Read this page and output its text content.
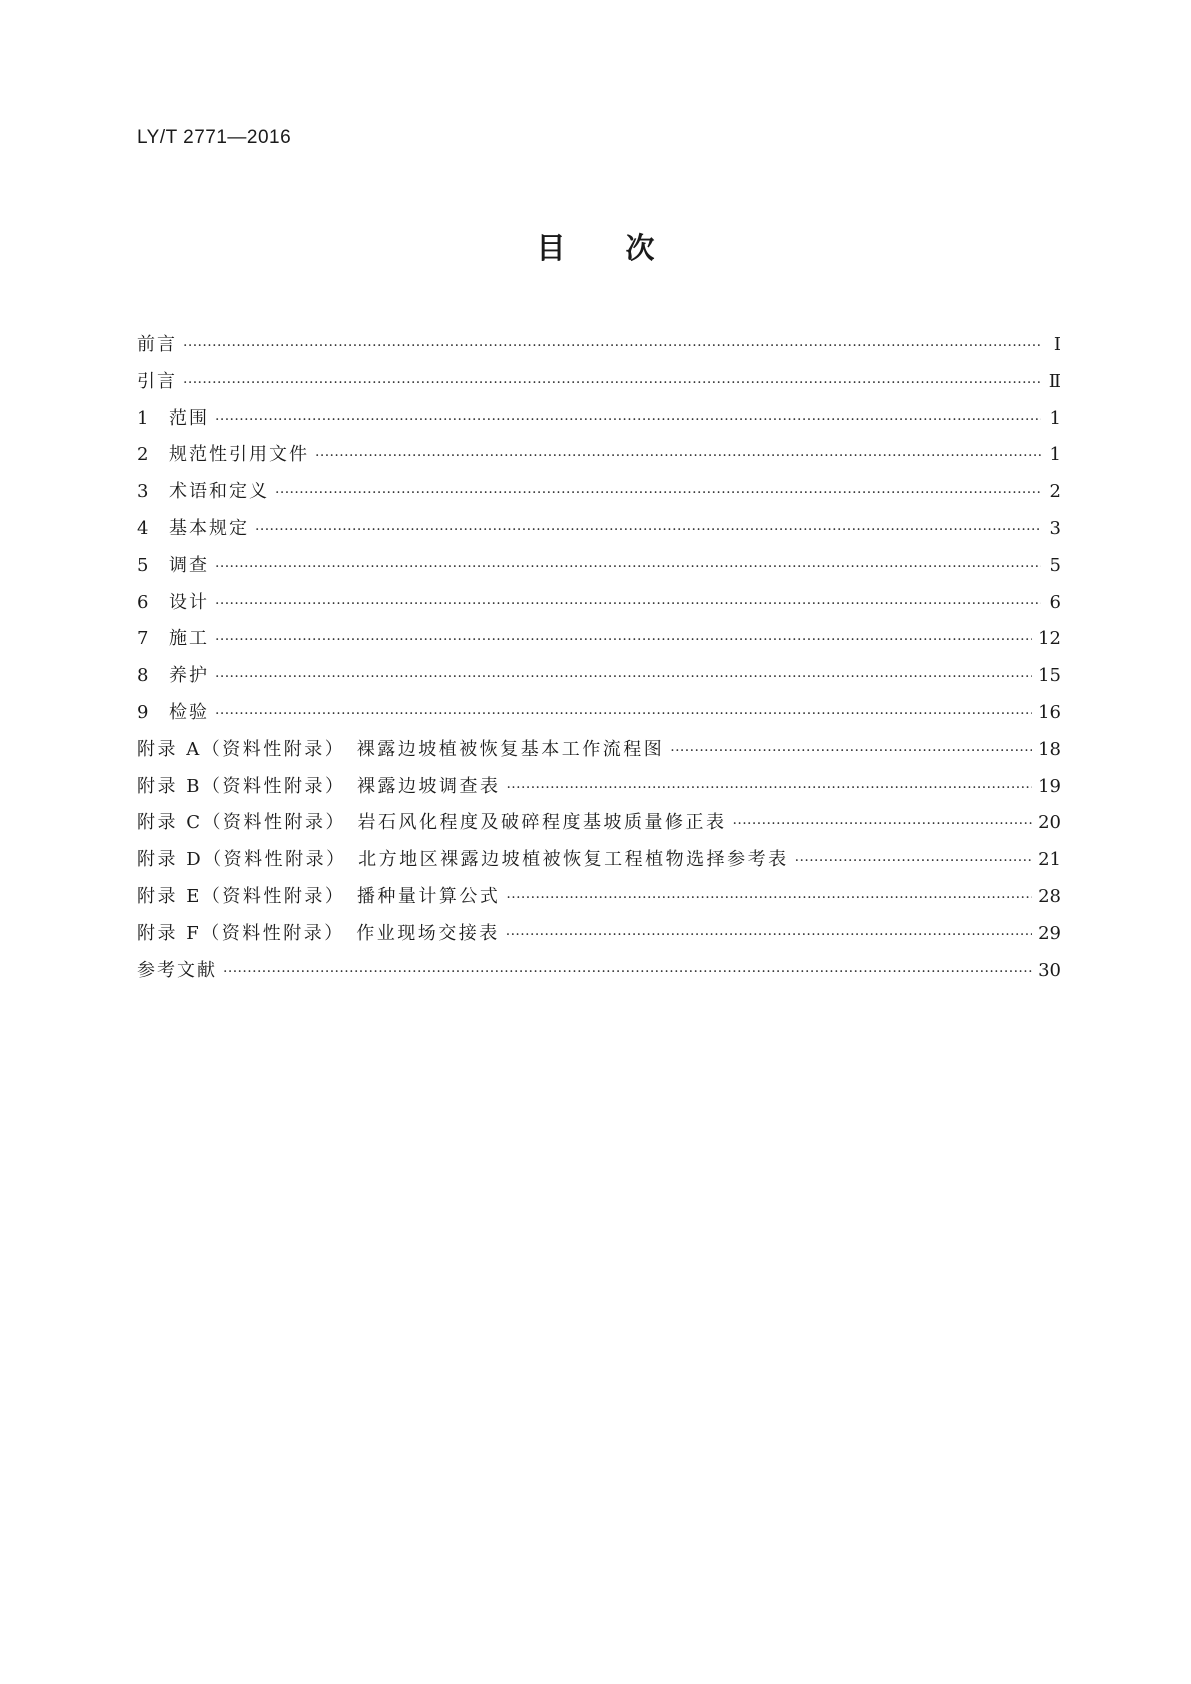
LY/T 2771—2016
目次
前言 ·····	Ⅰ
引言 ·····	Ⅱ
1	范围 ·····	1
2	规范性引用文件 ·····	1
3	术语和定义 ·····	2
4	基本规定 ·····	3
5	调查 ·····	5
6	设计 ·····	6
7	施工 ·····	12
8	养护 ·····	15
9	检验 ·····	16
附录 A（资料性附录）　裸露边坡植被恢复基本工作流程图 ·····	18
附录 B（资料性附录）　裸露边坡调查表 ·····	19
附录 C（资料性附录）　岩石风化程度及破碎程度基坡质量修正表 ·····	20
附录 D（资料性附录）　北方地区裸露边坡植被恢复工程植物选择参考表 ·····	21
附录 E（资料性附录）　播种量计算公式 ·····	28
附录 F（资料性附录）　作业现场交接表 ·····	29
参考文献 ·····	30
